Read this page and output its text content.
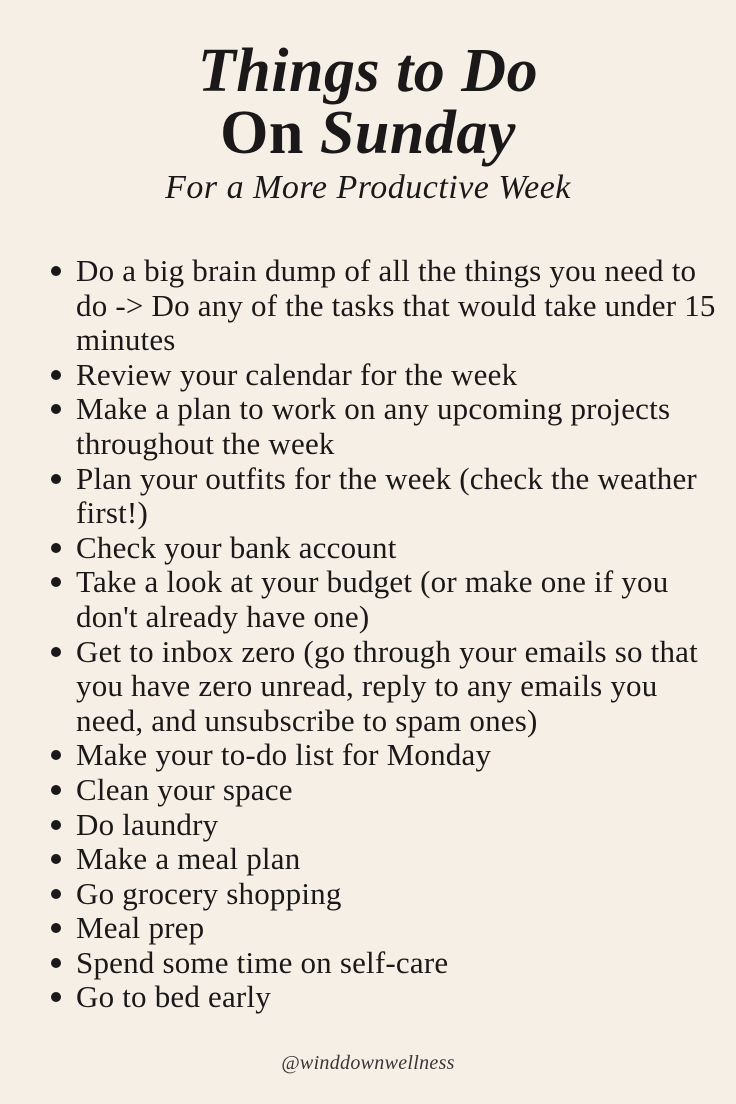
Things to Do
On Sunday
For a More Productive Week
Do a big brain dump of all the things you need to do -> Do any of the tasks that would take under 15 minutes
Review your calendar for the week
Make a plan to work on any upcoming projects throughout the week
Plan your outfits for the week (check the weather first!)
Check your bank account
Take a look at your budget (or make one if you don't already have one)
Get to inbox zero (go through your emails so that you have zero unread, reply to any emails you need, and unsubscribe to spam ones)
Make your to-do list for Monday
Clean your space
Do laundry
Make a meal plan
Go grocery shopping
Meal prep
Spend some time on self-care
Go to bed early
@winddownwellness
